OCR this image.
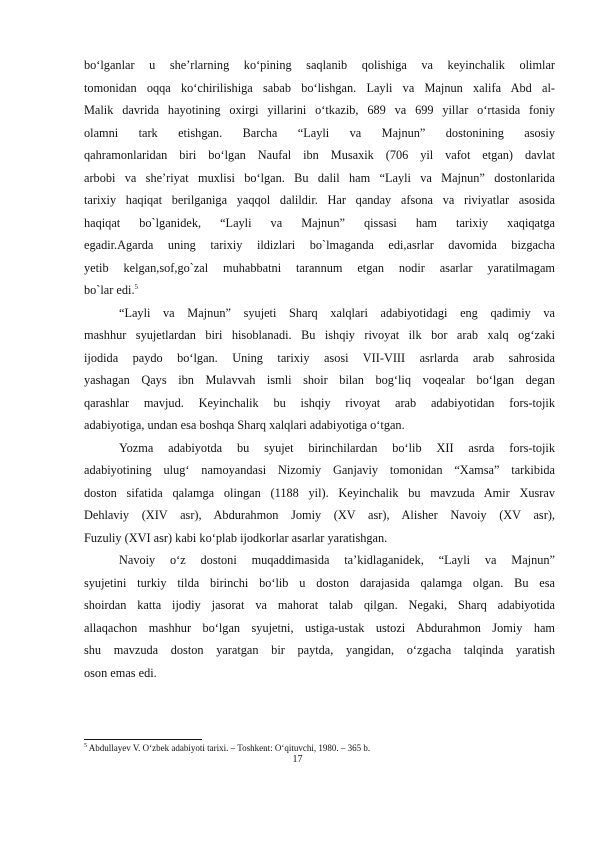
bo‘lganlar u she’rlarning ko‘pining saqlanib qolishiga va keyinchalik olimlar
tomonidan oqqa ko‘chirilishiga sabab bo‘lishgan. Layli va Majnun xalifa Abd al-
Malik davrida hayotining oxirgi yillarini o‘tkazib, 689 va 699 yillar o‘rtasida foniy
olamni tark etishgan. Barcha “Layli va Majnun” dostonining asosiy
qahramonlaridan biri bo‘lgan Naufal ibn Musaxik (706 yil vafot etgan) davlat
arbobi va she’riyat muxlisi bo‘lgan. Bu dalil ham “Layli va Majnun” dostonlarida
tarixiy haqiqat berilganiga yaqqol dalildir. Har qanday afsona va riviyatlar asosida
haqiqat bo`lganidek, “Layli va Majnun” qissasi ham tarixiy xaqiqatga
egadir.Agarda uning tarixiy ildizlari bo`lmaganda edi,asrlar davomida bizgacha
yetib kelgan,sof,go`zal muhabbatni tarannum etgan nodir asarlar yaratilmagam
bo`lar edi.$^5$
“Layli va Majnun” syujeti Sharq xalqlari adabiyotidagi eng qadimiy va
mashhur syujetlardan biri hisoblanadi. Bu ishqiy rivoyat ilk bor arab xalq og‘zaki
ijodida paydo bo‘lgan. Uning tarixiy asosi VII-VIII asrlarda arab sahrosida
yashagan Qays ibn Mulavvah ismli shoir bilan bog‘liq voqealar bo‘lgan degan
qarashlar mavjud. Keyinchalik bu ishqiy rivoyat arab adabiyotidan fors-tojik
adabiyotiga, undan esa boshqa Sharq xalqlari adabiyotiga o‘tgan.
Yozma adabiyotda bu syujet birinchilardan bo‘lib XII asrda fors-tojik
adabiyotining ulug‘ namoyandasi Nizomiy Ganjaviy tomonidan “Xamsa” tarkibida
doston sifatida qalamga olingan (1188 yil). Keyinchalik bu mavzuda Amir Xusrav
Dehlaviy (XIV asr), Abdurahmon Jomiy (XV asr), Alisher Navoiy (XV asr),
Fuzuliy (XVI asr) kabi ko‘plab ijodkorlar asarlar yaratishgan.
Navoiy o‘z dostoni muqaddimasida ta’kidlaganidek, “Layli va Majnun”
syujetini turkiy tilda birinchi bo‘lib u doston darajasida qalamga olgan. Bu esa
shoirdan katta ijodiy jasorat va mahorat talab qilgan. Negaki, Sharq adabiyotida
allaqachon mashhur bo‘lgan syujetni, ustiga-ustak ustozi Abdurahmon Jomiy ham
shu mavzuda doston yaratgan bir paytda, yangidan, o‘zgacha talqinda yaratish
oson emas edi.
$^5$ Abdullayev V. O‘zbek adabiyoti tarixi. – Toshkent: O‘qituvchi, 1980. – 365 b.
17
